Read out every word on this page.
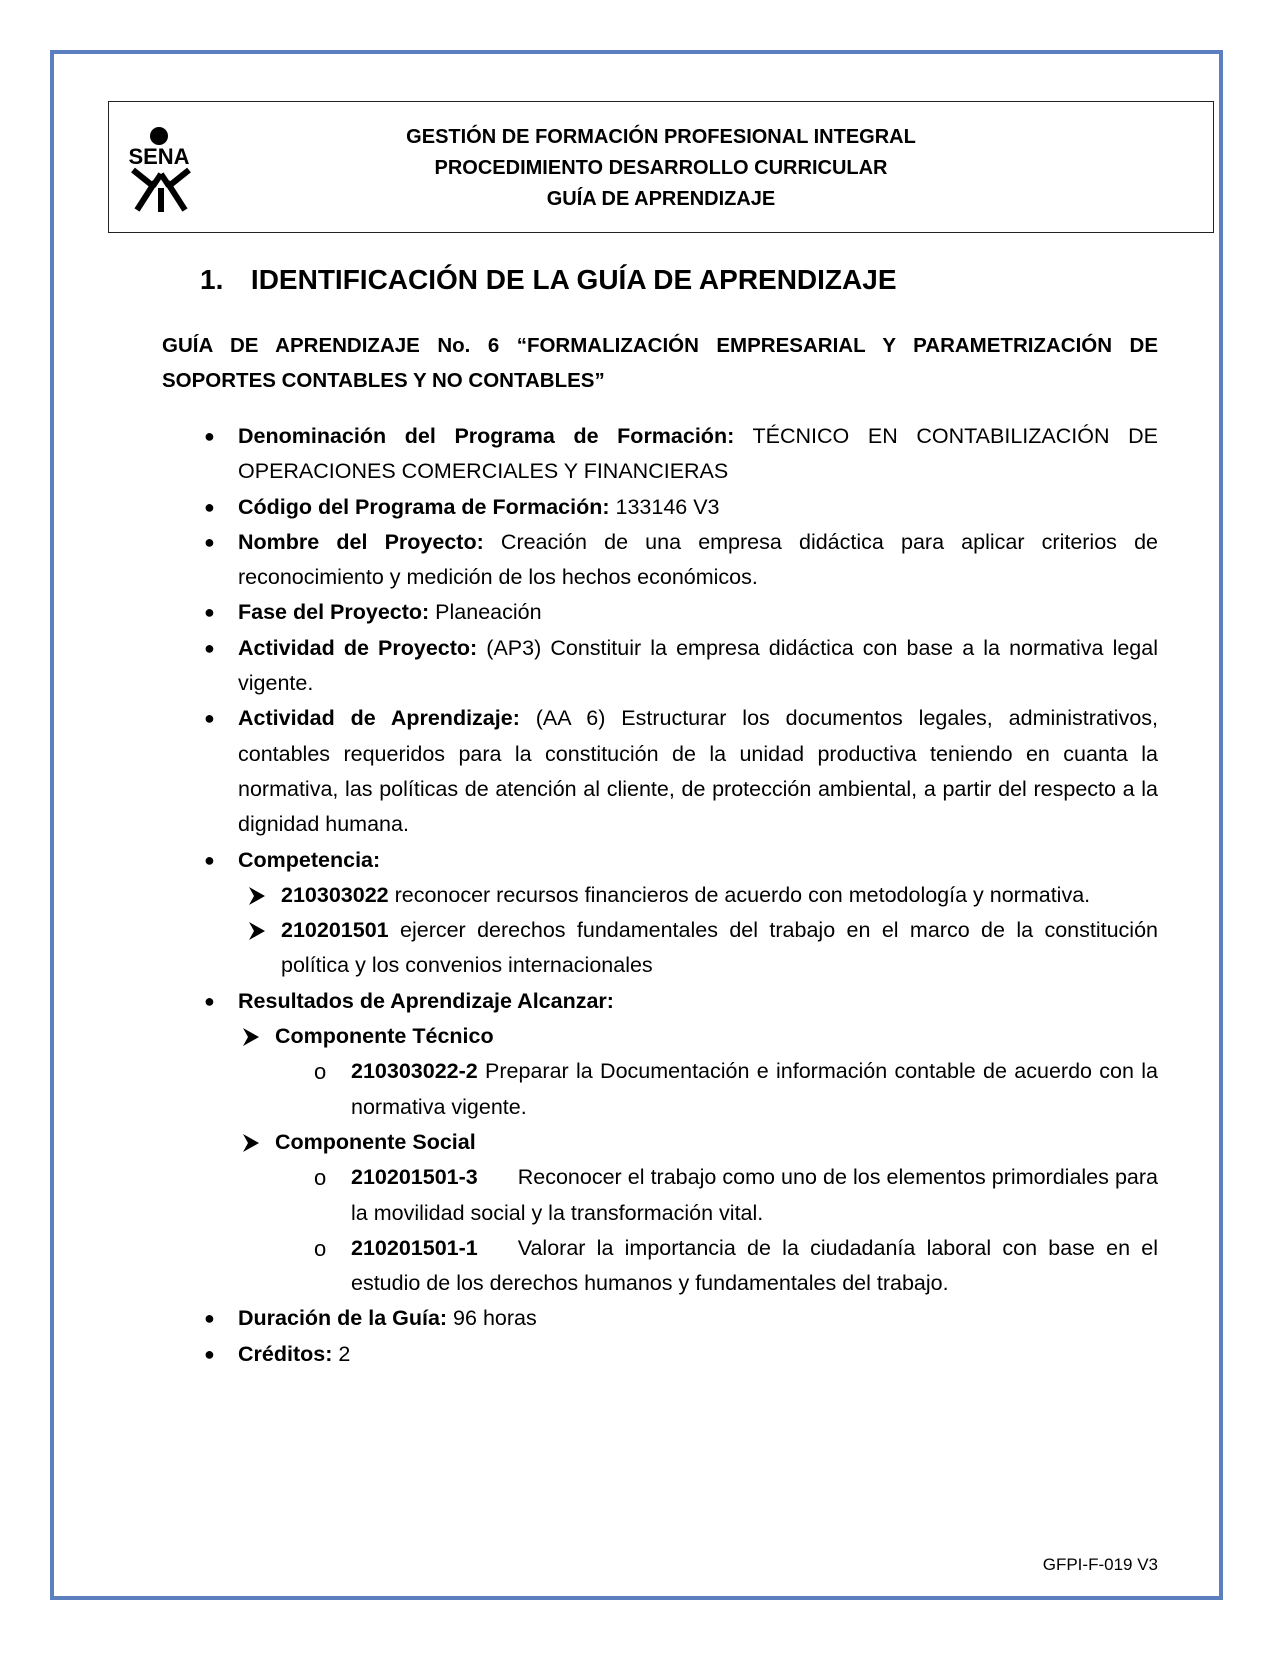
SENA
GESTIÓN DE FORMACIÓN PROFESIONAL INTEGRAL
PROCEDIMIENTO DESARROLLO CURRICULAR
GUÍA DE APRENDIZAJE
1. IDENTIFICACIÓN DE LA GUÍA DE APRENDIZAJE
GUÍA DE APRENDIZAJE No. 6 “FORMALIZACIÓN EMPRESARIAL Y PARAMETRIZACIÓN DE SOPORTES CONTABLES Y NO CONTABLES”
● Denominación del Programa de Formación: TÉCNICO EN CONTABILIZACIÓN DE OPERACIONES COMERCIALES Y FINANCIERAS
● Código del Programa de Formación: 133146 V3
● Nombre del Proyecto: Creación de una empresa didáctica para aplicar criterios de reconocimiento y medición de los hechos económicos.
● Fase del Proyecto: Planeación
● Actividad de Proyecto: (AP3) Constituir la empresa didáctica con base a la normativa legal vigente.
● Actividad de Aprendizaje: (AA 6) Estructurar los documentos legales, administrativos, contables requeridos para la constitución de la unidad productiva teniendo en cuanta la normativa, las políticas de atención al cliente, de protección ambiental, a partir del respecto a la dignidad humana.
● Competencia:
210303022 reconocer recursos financieros de acuerdo con metodología y normativa.
210201501 ejercer derechos fundamentales del trabajo en el marco de la constitución política y los convenios internacionales
● Resultados de Aprendizaje Alcanzar:
Componente Técnico
o 210303022-2 Preparar la Documentación e información contable de acuerdo con la normativa vigente.
Componente Social
o 210201501-3 Reconocer el trabajo como uno de los elementos primordiales para la movilidad social y la transformación vital.
o 210201501-1 Valorar la importancia de la ciudadanía laboral con base en el estudio de los derechos humanos y fundamentales del trabajo.
● Duración de la Guía: 96 horas
● Créditos: 2
GFPI-F-019 V3
